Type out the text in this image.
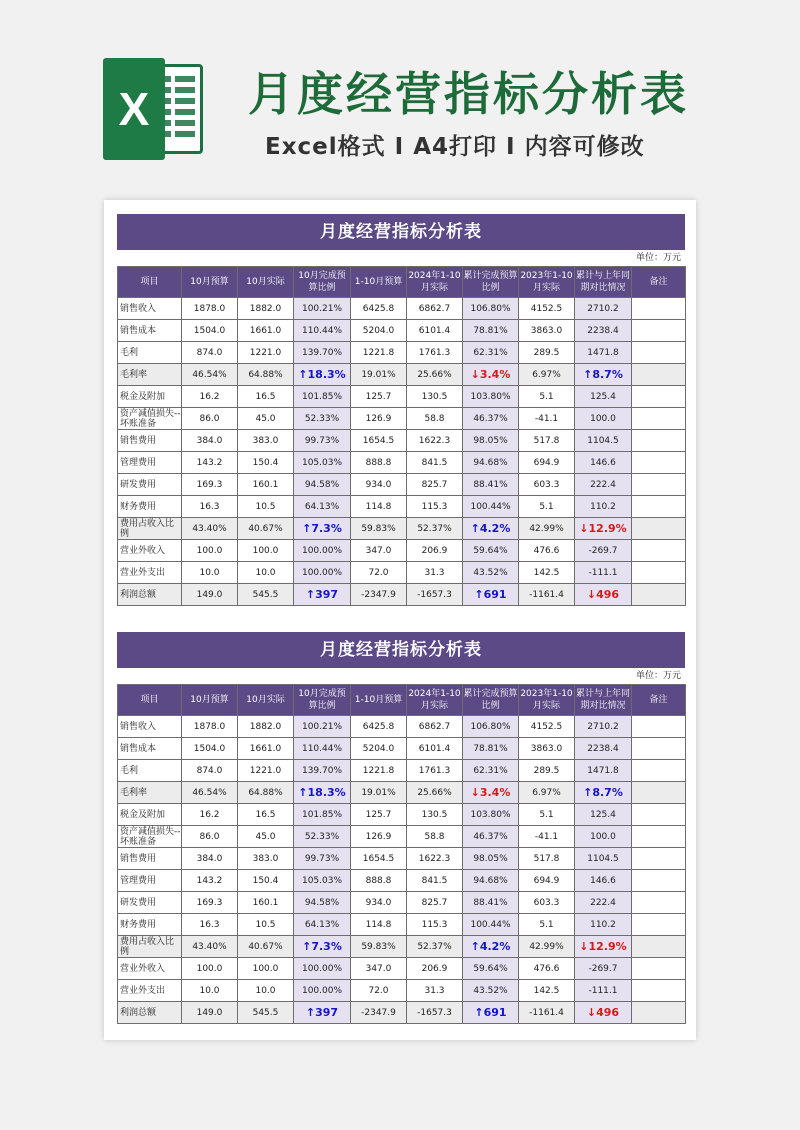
X	月度经营指标分析表
Excel格式 I A4打印 I 内容可修改
月度经营指标分析表
单位：万元
项目	10月预算	10月实际	10月完成预算比例	1-10月预算	2024年1-10月实际	累计完成预算比例	2023年1-10月实际	累计与上年同期对比情况	备注
销售收入	1878.0	1882.0	100.21%	6425.8	6862.7	106.80%	4152.5	2710.2	
销售成本	1504.0	1661.0	110.44%	5204.0	6101.4	78.81%	3863.0	2238.4	
毛利	874.0	1221.0	139.70%	1221.8	1761.3	62.31%	289.5	1471.8	
毛利率	46.54%	64.88%	↑18.3%	19.01%	25.66%	↓3.4%	6.97%	↑8.7%	
税金及附加	16.2	16.5	101.85%	125.7	130.5	103.80%	5.1	125.4	
资产减值损失--坏账准备	86.0	45.0	52.33%	126.9	58.8	46.37%	-41.1	100.0	
销售费用	384.0	383.0	99.73%	1654.5	1622.3	98.05%	517.8	1104.5	
管理费用	143.2	150.4	105.03%	888.8	841.5	94.68%	694.9	146.6	
研发费用	169.3	160.1	94.58%	934.0	825.7	88.41%	603.3	222.4	
财务费用	16.3	10.5	64.13%	114.8	115.3	100.44%	5.1	110.2	
费用占收入比例	43.40%	40.67%	↑7.3%	59.83%	52.37%	↑4.2%	42.99%	↓12.9%	
营业外收入	100.0	100.0	100.00%	347.0	206.9	59.64%	476.6	-269.7	
营业外支出	10.0	10.0	100.00%	72.0	31.3	43.52%	142.5	-111.1	
利润总额	149.0	545.5	↑397	-2347.9	-1657.3	↑691	-1161.4	↓496	
月度经营指标分析表
单位：万元
项目	10月预算	10月实际	10月完成预算比例	1-10月预算	2024年1-10月实际	累计完成预算比例	2023年1-10月实际	累计与上年同期对比情况	备注
销售收入	1878.0	1882.0	100.21%	6425.8	6862.7	106.80%	4152.5	2710.2	
销售成本	1504.0	1661.0	110.44%	5204.0	6101.4	78.81%	3863.0	2238.4	
毛利	874.0	1221.0	139.70%	1221.8	1761.3	62.31%	289.5	1471.8	
毛利率	46.54%	64.88%	↑18.3%	19.01%	25.66%	↓3.4%	6.97%	↑8.7%	
税金及附加	16.2	16.5	101.85%	125.7	130.5	103.80%	5.1	125.4	
资产减值损失--坏账准备	86.0	45.0	52.33%	126.9	58.8	46.37%	-41.1	100.0	
销售费用	384.0	383.0	99.73%	1654.5	1622.3	98.05%	517.8	1104.5	
管理费用	143.2	150.4	105.03%	888.8	841.5	94.68%	694.9	146.6	
研发费用	169.3	160.1	94.58%	934.0	825.7	88.41%	603.3	222.4	
财务费用	16.3	10.5	64.13%	114.8	115.3	100.44%	5.1	110.2	
费用占收入比例	43.40%	40.67%	↑7.3%	59.83%	52.37%	↑4.2%	42.99%	↓12.9%	
营业外收入	100.0	100.0	100.00%	347.0	206.9	59.64%	476.6	-269.7	
营业外支出	10.0	10.0	100.00%	72.0	31.3	43.52%	142.5	-111.1	
利润总额	149.0	545.5	↑397	-2347.9	-1657.3	↑691	-1161.4	↓496	
